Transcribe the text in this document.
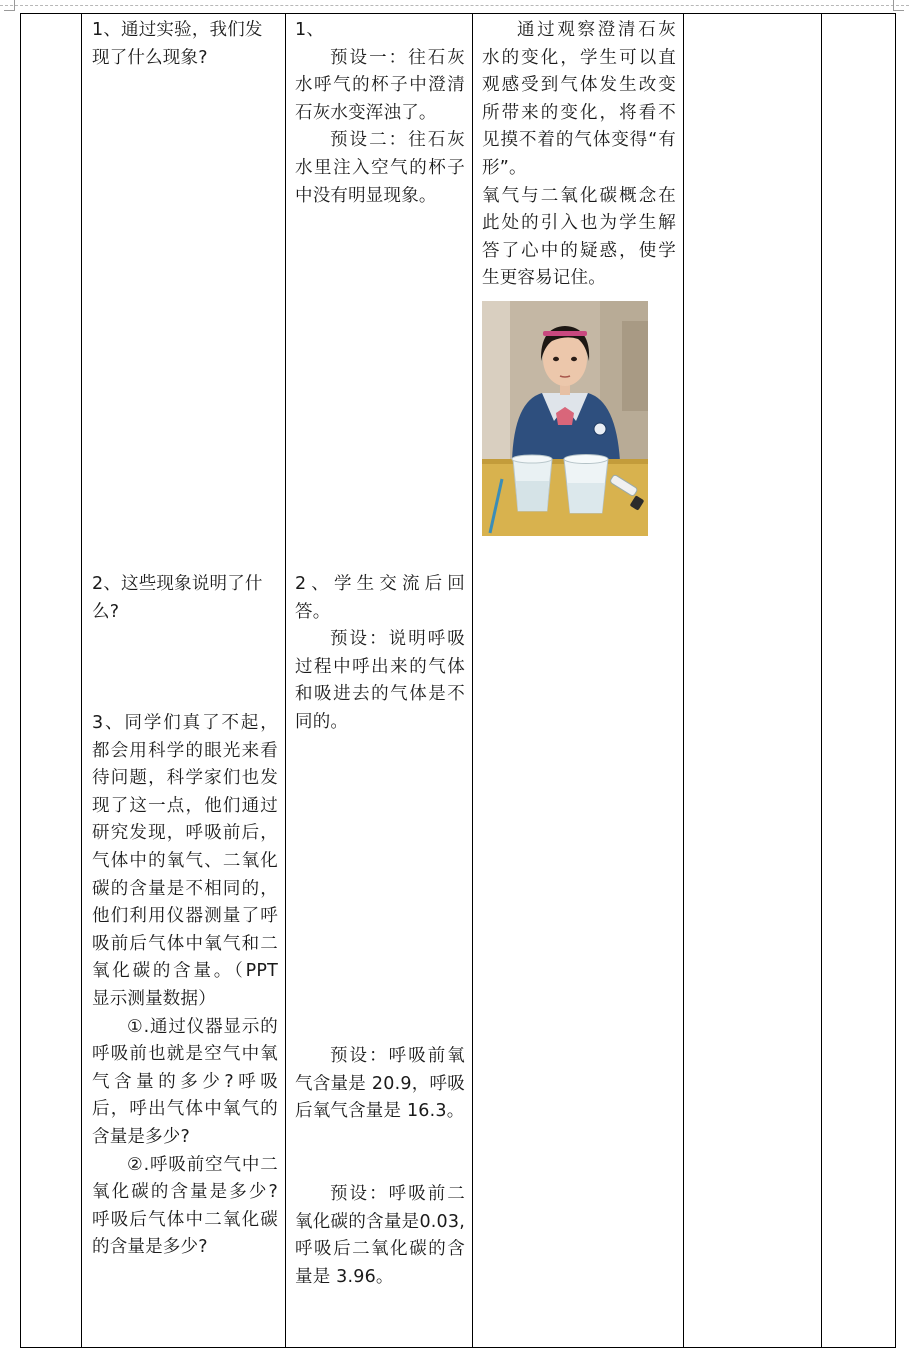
1、通过实验，我们发现了什么现象?

2、这些现象说明了什么?

3、同学们真了不起，都会用科学的眼光来看待问题，科学家们也发现了这一点，他们通过研究发现，呼吸前后，气体中的氧气、二氧化碳的含量是不相同的，他们利用仪器测量了呼吸前后气体中氧气和二氧化碳的含量。（PPT 显示测量数据）

①.通过仪器显示的呼吸前也就是空气中氧气含量的多少?呼吸后，呼出气体中氧气的含量是多少?

②.呼吸前空气中二氧化碳的含量是多少?呼吸后气体中二氧化碳的含量是多少?

1、

预设一：往石灰水呼气的杯子中澄清石灰水变浑浊了。

预设二：往石灰水里注入空气的杯子中没有明显现象。

2、学生交流后回答。

预设：说明呼吸过程中呼出来的气体和吸进去的气体是不同的。

预设：呼吸前氧气含量是 20.9，呼吸后氧气含量是 16.3。

预设：呼吸前二氧化碳的含量是0.03,呼吸后二氧化碳的含量是 3.96。

通过观察澄清石灰水的变化，学生可以直观感受到气体发生改变所带来的变化，将看不见摸不着的气体变得“有形”。

氧气与二氧化碳概念在此处的引入也为学生解答了心中的疑惑，使学生更容易记住。
